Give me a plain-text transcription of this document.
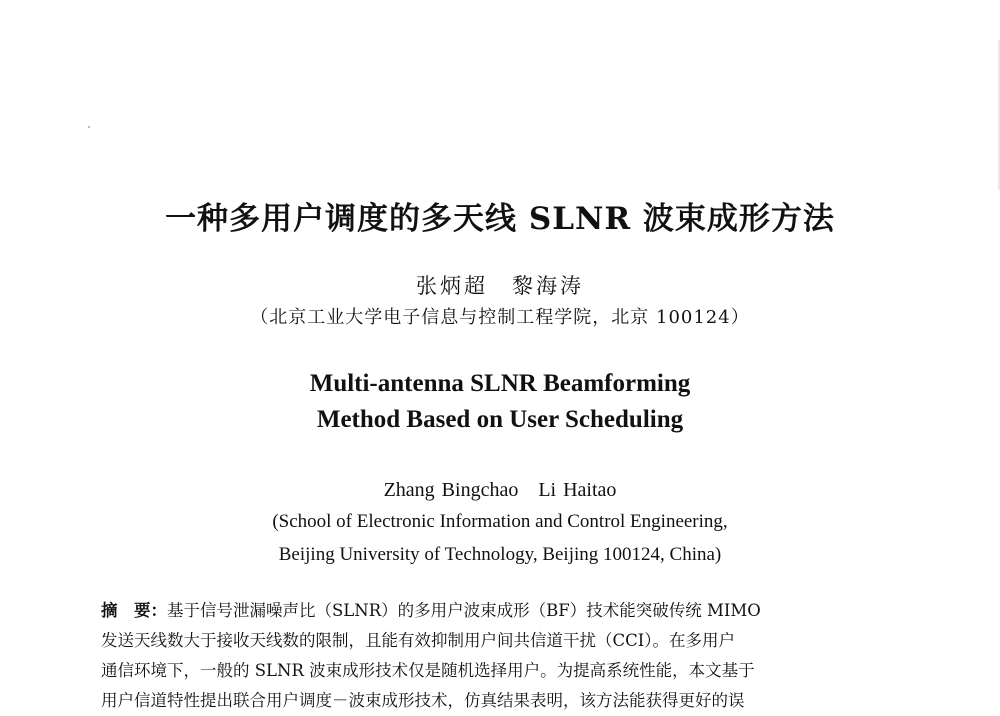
一种多用户调度的多天线 SLNR 波束成形方法
张炳超　黎海涛
（北京工业大学电子信息与控制工程学院，北京 100124）
Multi-antenna SLNR Beamforming
Method Based on User Scheduling
Zhang Bingchao　Li Haitao
(School of Electronic Information and Control Engineering,
Beijing University of Technology, Beijing 100124, China)
摘　要：基于信号泄漏噪声比（SLNR）的多用户波束成形（BF）技术能突破传统 MIMO
发送天线数大于接收天线数的限制，且能有效抑制用户间共信道干扰（CCI）。在多用户
通信环境下，一般的 SLNR 波束成形技术仅是随机选择用户。为提高系统性能，本文基于
用户信道特性提出联合用户调度－波束成形技术，仿真结果表明，该方法能获得更好的误
